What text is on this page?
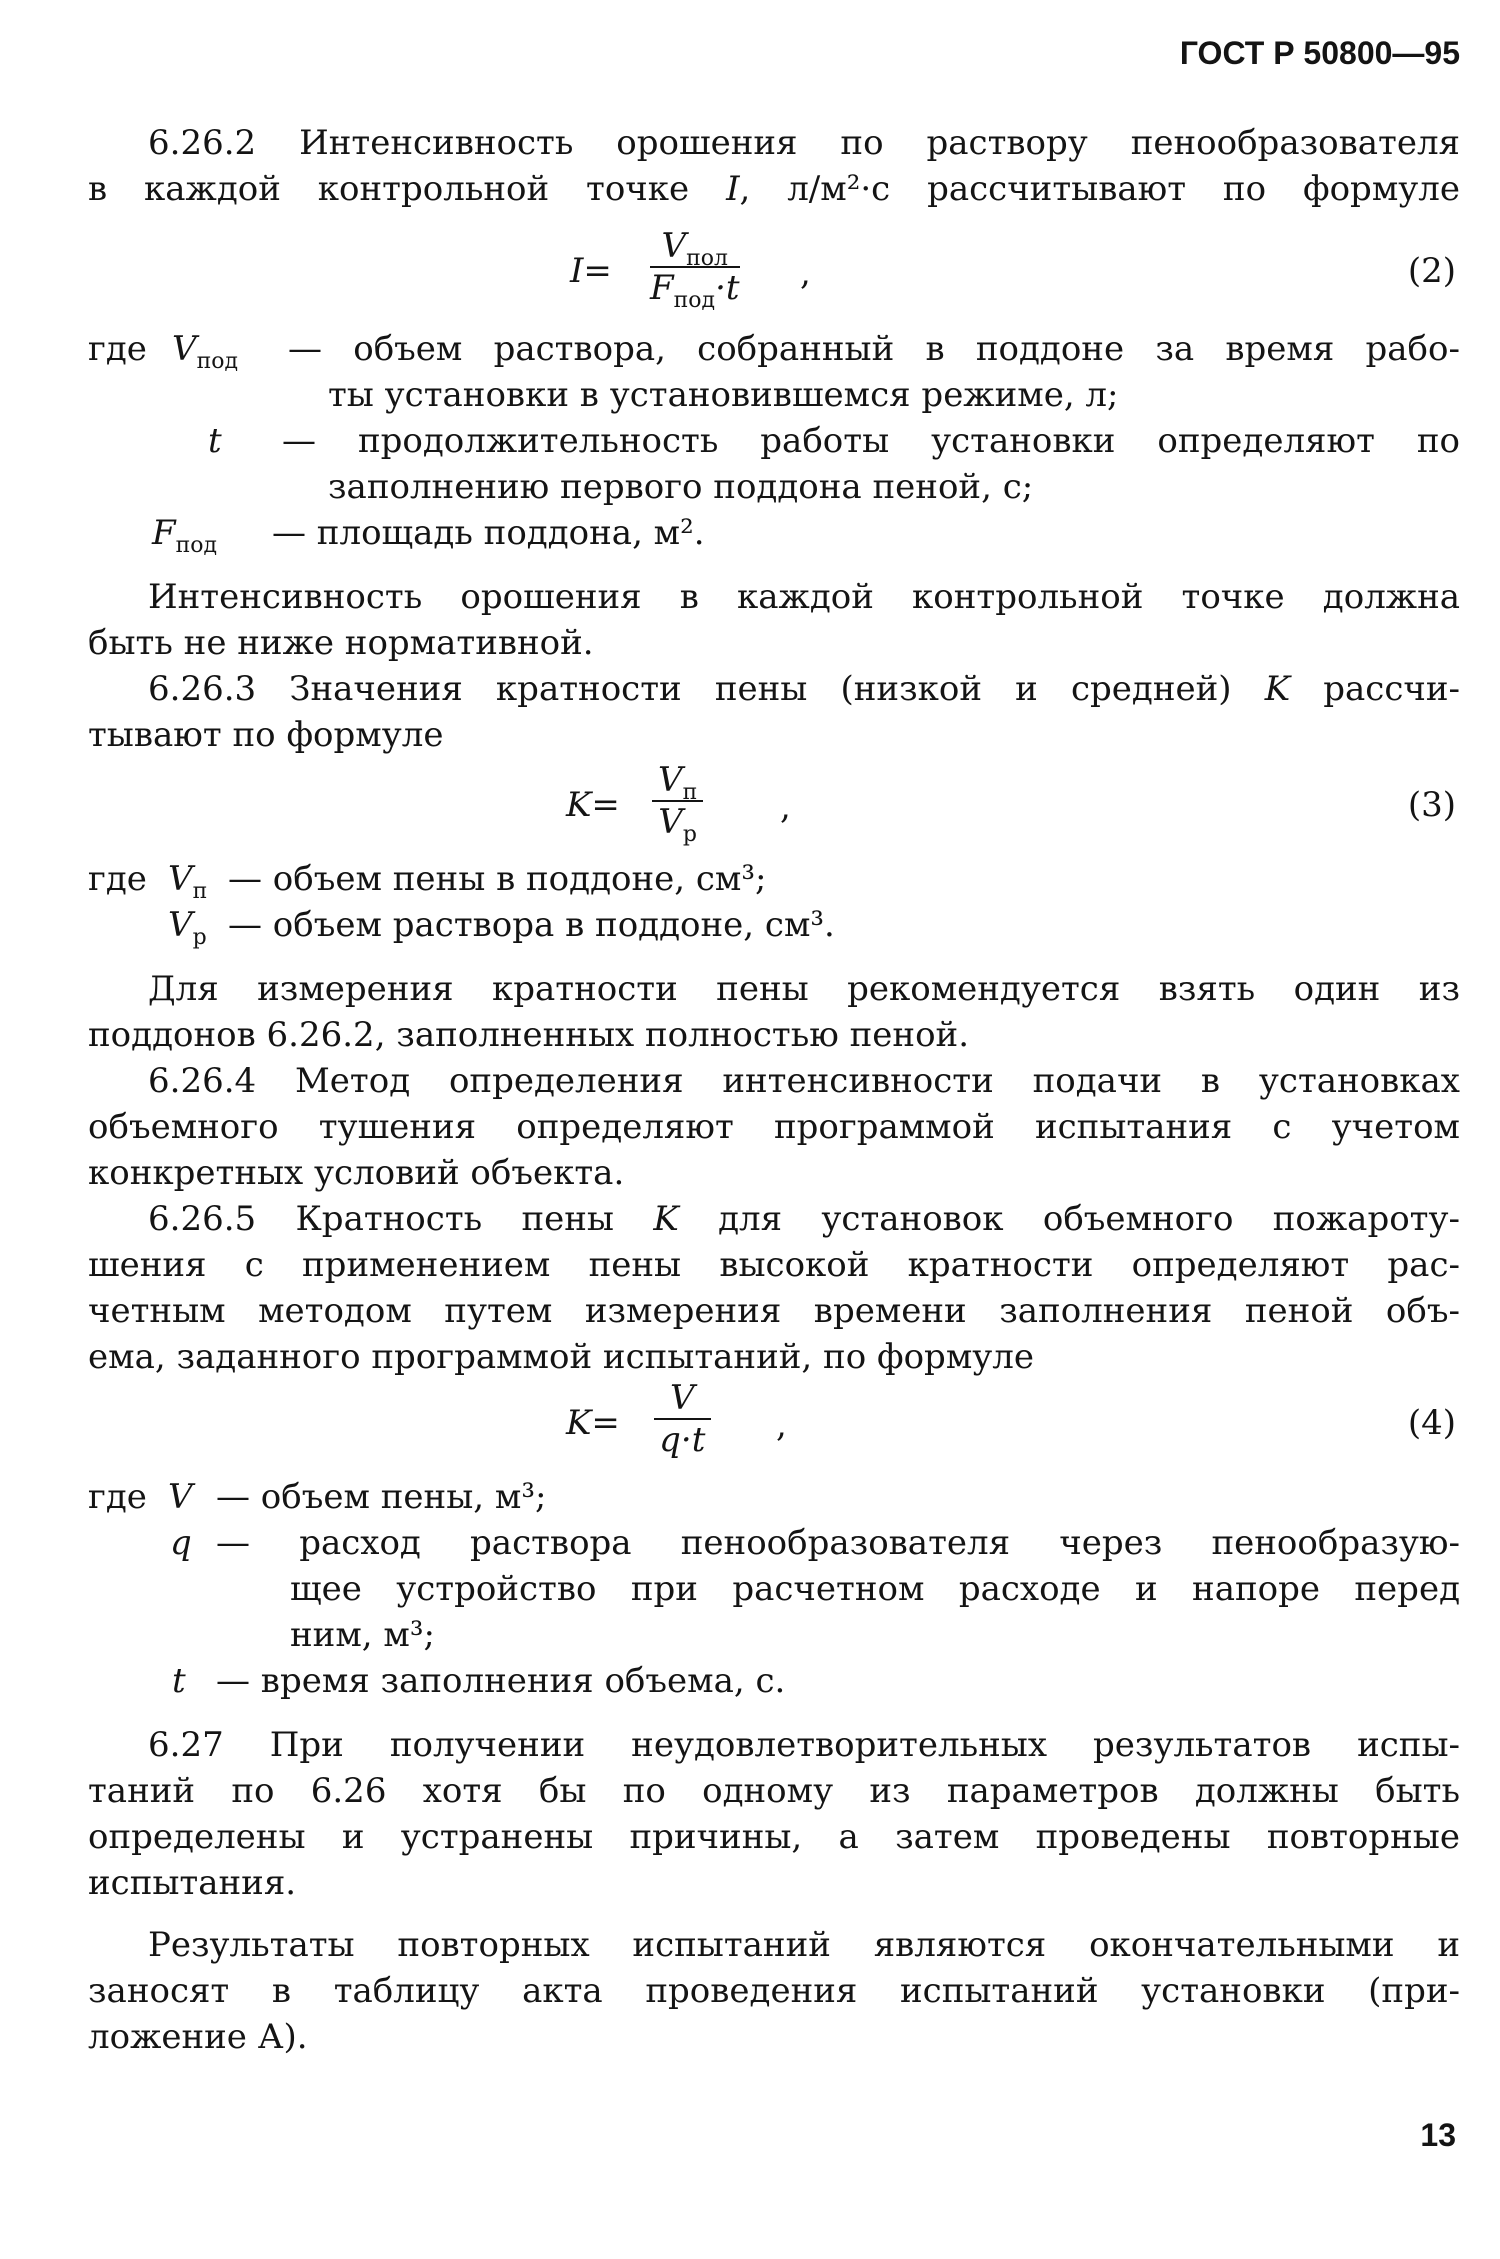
ГОСТ Р 50800—95
6.26.2 Интенсивность орошения по раствору пенообразователя
в каждой контрольной точке I, л/м²·с рассчитывают по формуле
I=
$V_{пол}$
$F_{под}\cdot t$ ,	(2)
где $V_{под}$ — объем раствора, собранный в поддоне за время рабо-
ты установки в установившемся режиме, л;
t — продолжительность работы установки определяют по
заполнению первого поддона пеной, с;
$F_{под}$ — площадь поддона, м².
Интенсивность орошения в каждой контрольной точке должна
быть не ниже нормативной.
6.26.3 Значения кратности пены (низкой и средней) K рассчи-
тывают по формуле
K=
$V_п$
$V_р$
,	(3)
где $V_п$ — объем пены в поддоне, см³;
$V_р$ — объем раствора в поддоне, см³.
Для измерения кратности пены рекомендуется взять один из
поддонов 6.26.2, заполненных полностью пеной.
6.26.4 Метод определения интенсивности подачи в установках
объемного тушения определяют программой испытания с учетом
конкретных условий объекта.
6.26.5 Кратность пены K для установок объемного пожароту-
шения с применением пены высокой кратности определяют рас-
четным методом путем измерения времени заполнения пеной объ-
ема, заданного программой испытаний, по формуле
$K= \frac{V}{q\cdot t}$ ,	(4)
где V — объем пены, м³;
q — расход раствора пенообразователя через пенообразую-
щее устройство при расчетном расходе и напоре перед
ним, м³;
t — время заполнения объема, с.
6.27 При получении неудовлетворительных результатов испы-
таний по 6.26 хотя бы по одному из параметров должны быть
определены и устранены причины, а затем проведены повторные
испытания.
Результаты повторных испытаний являются окончательными и
заносят в таблицу акта проведения испытаний установки (при-
ложение А).
13
